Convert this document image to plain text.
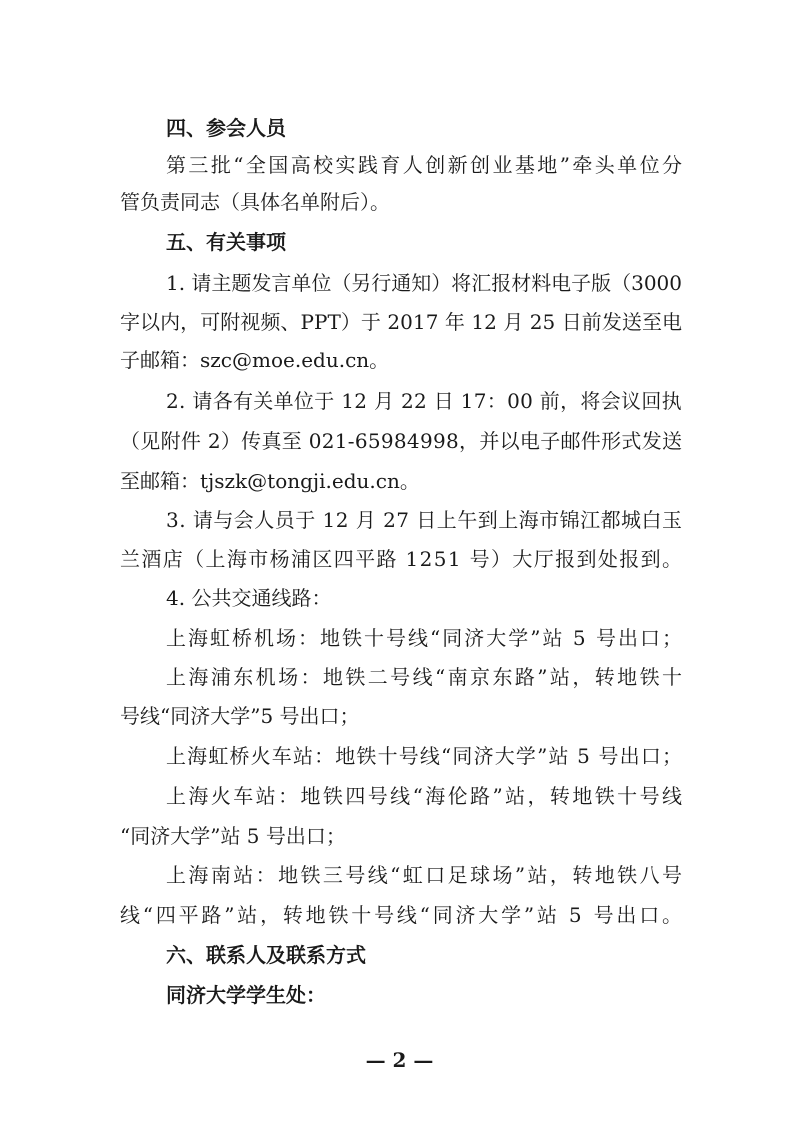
四、参会人员
第三批“全国高校实践育人创新创业基地”牵头单位分
管负责同志（具体名单附后）。
五、有关事项
1. 请主题发言单位（另行通知）将汇报材料电子版（3000
字以内，可附视频、PPT）于 2017 年 12 月 25 日前发送至电
子邮箱：szc@moe.edu.cn。
2. 请各有关单位于 12 月 22 日 17：00 前，将会议回执
（见附件 2）传真至 021-65984998，并以电子邮件形式发送
至邮箱：tjszk@tongji.edu.cn。
3. 请与会人员于 12 月 27 日上午到上海市锦江都城白玉
兰酒店（上海市杨浦区四平路 1251 号）大厅报到处报到。
4. 公共交通线路：
上海虹桥机场：地铁十号线“同济大学”站 5 号出口；
上海浦东机场：地铁二号线“南京东路”站，转地铁十
号线“同济大学”5 号出口；
上海虹桥火车站：地铁十号线“同济大学”站 5 号出口；
上海火车站：地铁四号线“海伦路”站，转地铁十号线
“同济大学”站 5 号出口；
上海南站：地铁三号线“虹口足球场”站，转地铁八号
线“四平路”站，转地铁十号线“同济大学”站 5 号出口。
六、联系人及联系方式
同济大学学生处：
— 2 —
